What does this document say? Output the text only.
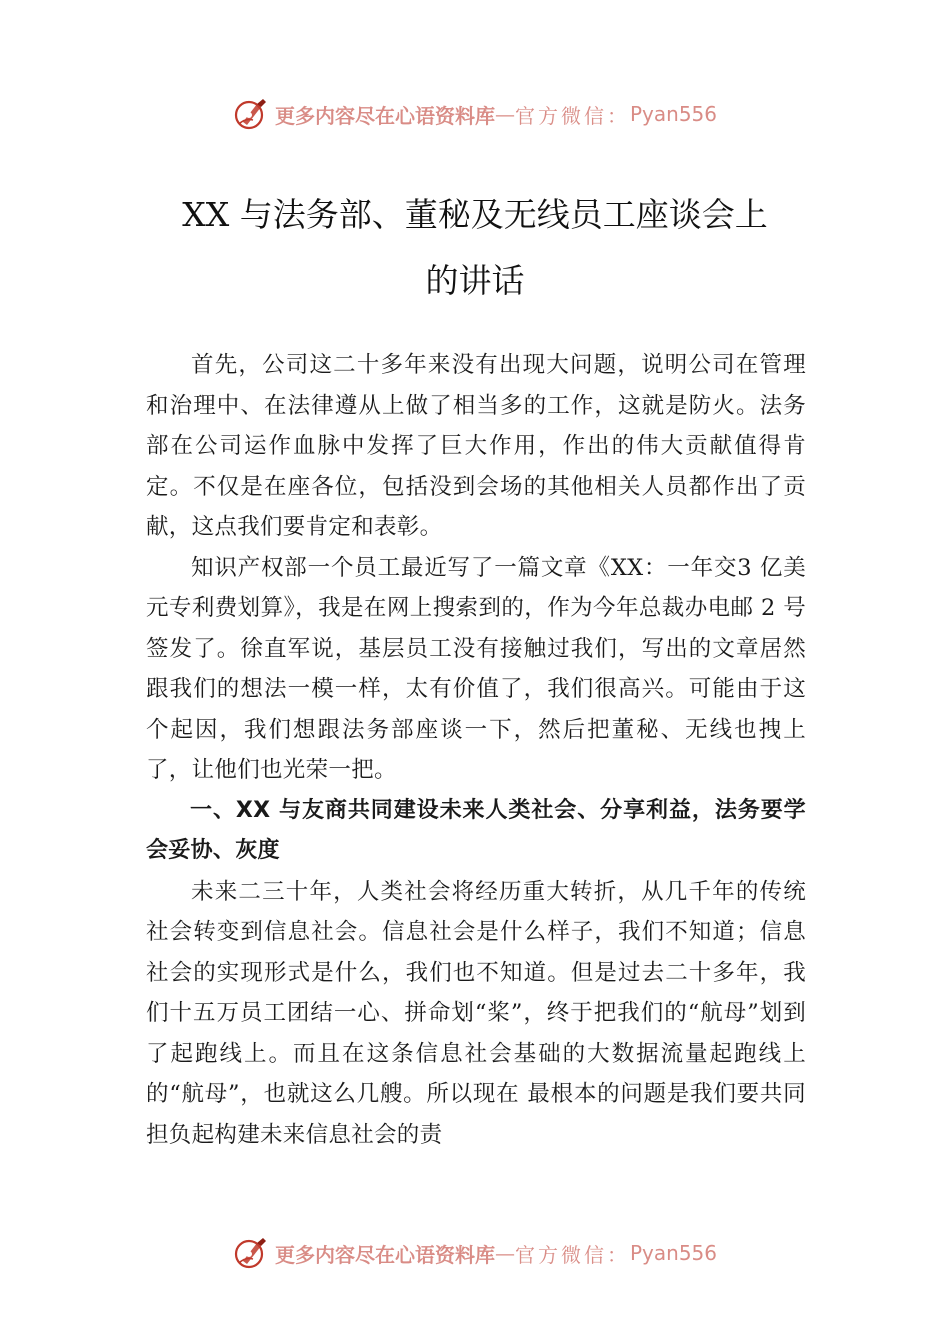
更多内容尽在心语资料库 — 官方微信： Pyan556
XX 与法务部、董秘及无线员工座谈会上
的讲话

首先，公司这二十多年来没有出现大问题，说明公司在管理和治理中、在法律遵从上做了相当多的工作，这就是防火。法务部在公司运作血脉中发挥了巨大作用，作出的伟大贡献值得肯定。不仅是在座各位，包括没到会场的其他相关人员都作出了贡献，这点我们要肯定和表彰。

知识产权部一个员工最近写了一篇文章《XX：一年交3 亿美元专利费划算》，我是在网上搜索到的，作为今年总裁办电邮 2 号签发了。徐直军说，基层员工没有接触过我们，写出的文章居然跟我们的想法一模一样，太有价值了，我们很高兴。可能由于这个起因，我们想跟法务部座谈一下，然后把董秘、无线也拽上了，让他们也光荣一把。

一、XX 与友商共同建设未来人类社会、分享利益，法务要学会妥协、灰度

未来二三十年，人类社会将经历重大转折，从几千年的传统社会转变到信息社会。信息社会是什么样子，我们不知道；信息社会的实现形式是什么，我们也不知道。但是过去二十多年，我们十五万员工团结一心、拼命划“桨”，终于把我们的“航母”划到了起跑线上。而且在这条信息社会基础的大数据流量起跑线上的“航母”，也就这么几艘。所以现在 最根本的问题是我们要共同担负起构建未来信息社会的责

更多内容尽在心语资料库 — 官方微信： Pyan556
